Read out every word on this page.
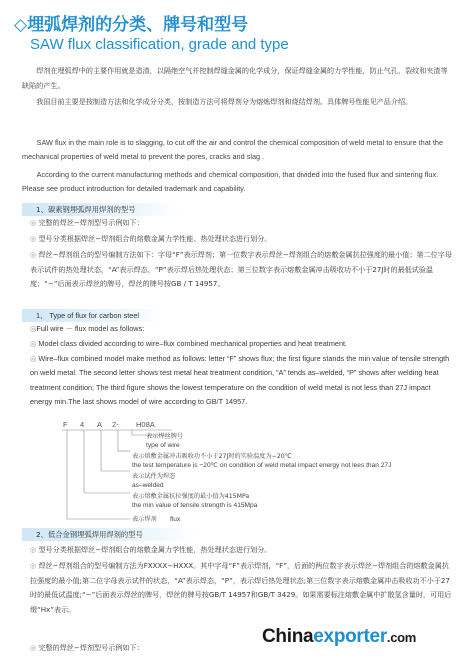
◇埋弧焊剂的分类、牌号和型号
SAW flux classification, grade and type

焊剂在埋弧焊中的主要作用就是造渣，以隔绝空气并控制焊缝金属的化学成分，保证焊缝金属的力学性能，防止气孔，裂纹和夹渣等缺陷的产生。

我国目前主要是按制造方法和化学成分分类，按制造方法可将焊剂分为熔炼焊剂和烧结焊剂。具体牌号性能见产品介绍。

SAW flux in the main role is to slagging, to cut off the air and control the chemical composition of weld metal to ensure that the mechanical properties of weld metal to prevent the pores, cracks and slag .

According to the current manufacturing methods and chemical composition, that divided into the fused flux and sintering flux. Please see product introduction for detailed trademark and capability.

1、碳素钢埋弧焊用焊剂的型号

◎ 完整的焊丝−焊剂型号示例如下：

◎ 型号分类根据焊丝−焊剂组合的熔敷金属力学性能、热处理状态进行划分。

◎ 焊丝−焊剂组合的型号编制方法如下：字母“F”表示焊剂；第一位数字表示焊丝−焊剂组合的熔敷金属抗拉强度的最小值；第二位字母表示试件的热处理状态，“A”表示焊态，“P”表示焊后热处理状态；第三位数字表示熔敷金属冲击吸收功不小于27J时的最低试验温度；“−”后面表示焊丝的牌号，焊丝的牌号按GB / T 14957。

1、 Type of flux for carbon steel

◎Full wire － flux model as follows:

◎ Model class divided according to wire–flux combined mechanical properties and heat treatment.

◎ Wire–flux combined model make method as follows: letter “F” shows flux; the first figure stands the min value of tensile strength on weld metal. The second letter shows test metal heat treatment condition, “A” tends as–welded, “P” shows after welding heat treatment condition; The third figure shows the lowest temperature on the condition of weld metal is not less than 27J impact energy min.The last shows model of wire according to GB/T 14957.

F 4 A 2- H08A
表示焊丝牌号
type of wire
表示熔敷金属冲击吸收功不小于27J时的实验温度为−20℃
the test temperature is −20℃ on condition of weld metal impact energy not lees than 27J
表示试件为焊态
as–welded
表示熔敷金属抗拉强度的最小值为415MPa
the min value of tensile strength is 415Mpa
表示焊剂 flux
2、低合金钢埋弧焊用焊剂的型号

◎ 型号分类根据焊丝−焊剂组合的熔敷金属力学性能，热处理状态进行划分。

◎ 焊丝−焊剂组合的型号编制方法为FXXXX−HXXX。其中字母“F”表示焊剂，“F”，后面的两位数字表示焊丝−焊剂组合的熔敷金属抗拉强度的最小值;第二位字母表示试件的状态，“A”表示焊态，“P”，表示焊后热处理状态;第三位数字表示熔敷金属冲击吸收功不小于27时的最低试温度;“−”后面表示焊丝的牌号，焊丝的牌号按GB/T 14957和GB/T 3429。如果需要标注熔敷金属中扩散氢含量时，可用后缀“Hx”表示。

◎ 完整的焊丝−焊剂型号示例如下：

Chinaexporter.com
